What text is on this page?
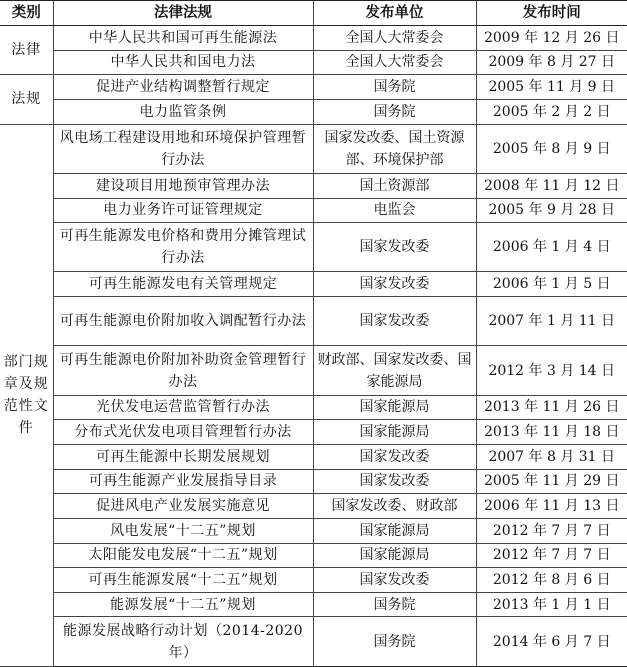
类别	法律法规	发布单位	发布时间

法律	中华人民共和国可再生能源法	全国人大常委会	2009 年 12 月 26 日
	中华人民共和国电力法	全国人大常委会	2009 年 8 月 27 日

法规	促进产业结构调整暂行规定	国务院	2005 年 11 月 9 日
	电力监管条例	国务院	2005 年 2 月 2 日

部门规章及规范性文件	风电场工程建设用地和环境保护管理暂行办法	国家发改委、国土资源部、环境保护部	2005 年 8 月 9 日
	建设项目用地预审管理办法	国土资源部	2008 年 11 月 12 日
	电力业务许可证管理规定	电监会	2005 年 9 月 28 日
	可再生能源发电价格和费用分摊管理试行办法	国家发改委	2006 年 1 月 4 日
	可再生能源发电有关管理规定	国家发改委	2006 年 1 月 5 日
	可再生能源电价附加收入调配暂行办法	国家发改委	2007 年 1 月 11 日
	可再生能源电价附加补助资金管理暂行办法	财政部、国家发改委、国家能源局	2012 年 3 月 14 日
	光伏发电运营监管暂行办法	国家能源局	2013 年 11 月 26 日
	分布式光伏发电项目管理暂行办法	国家能源局	2013 年 11 月 18 日
	可再生能源中长期发展规划	国家发改委	2007 年 8 月 31 日
	可再生能源产业发展指导目录	国家发改委	2005 年 11 月 29 日
	促进风电产业发展实施意见	国家发改委、财政部	2006 年 11 月 13 日
	风电发展“十二五”规划	国家能源局	2012 年 7 月 7 日
	太阳能发电发展“十二五”规划	国家能源局	2012 年 7 月 7 日
	可再生能源发展“十二五”规划	国家发改委	2012 年 8 月 6 日
	能源发展“十二五”规划	国务院	2013 年 1 月 1 日
	能源发展战略行动计划（2014-2020年）	国务院	2014 年 6 月 7 日
